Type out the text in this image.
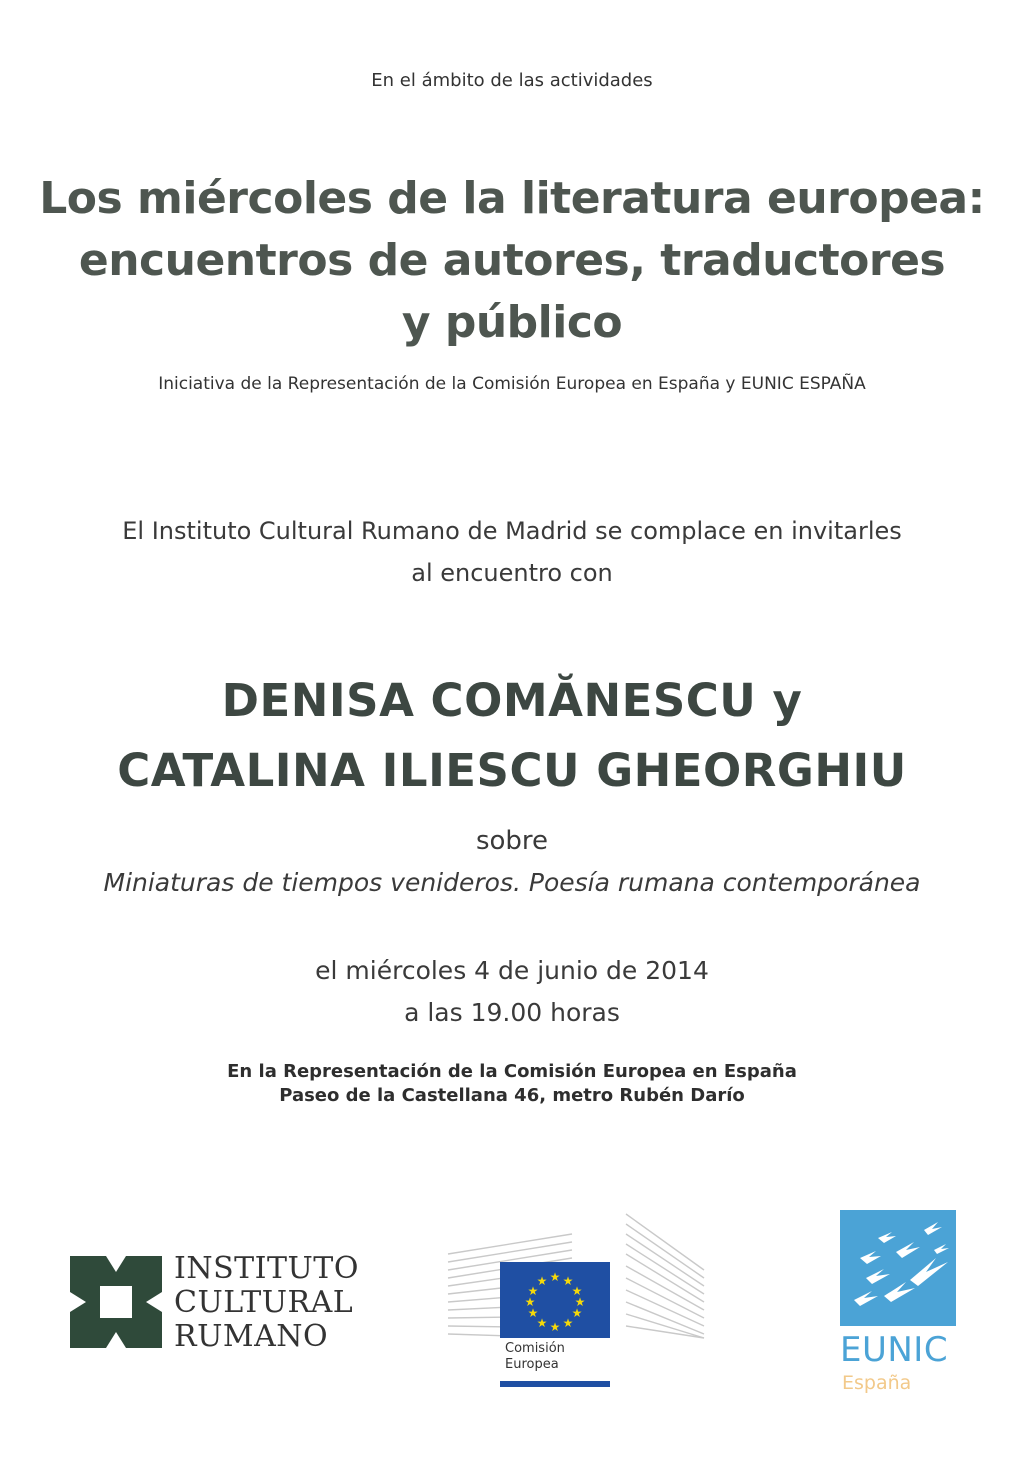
En el ámbito de las actividades
Los miércoles de la literatura europea:
encuentros de autores, traductores
y público
Iniciativa de la Representación de la Comisión Europea en España y EUNIC ESPAÑA
El Instituto Cultural Rumano de Madrid se complace en invitarles
al encuentro con
DENISA COMĂNESCU y
CATALINA ILIESCU GHEORGHIU
sobre
Miniaturas de tiempos venideros. Poesía rumana contemporánea
el miércoles 4 de junio de 2014
a las 19.00 horas
En la Representación de la Comisión Europea en España
Paseo de la Castellana 46, metro Rubén Darío
INSTITUTO
CULTURAL
RUMANO
★ ★
★
★
★
★
★
★
★
★
★
★
Comisión
Europea	EUNIC
España
